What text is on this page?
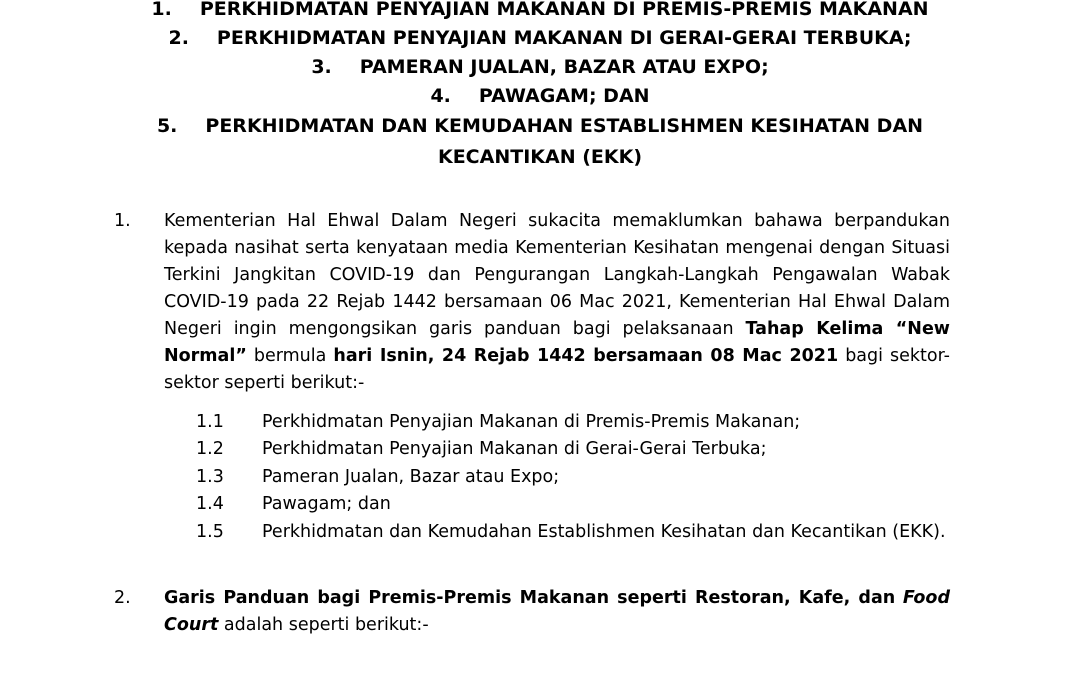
1. PERKHIDMATAN PENYAJIAN MAKANAN DI PREMIS-PREMIS MAKANAN
2. PERKHIDMATAN PENYAJIAN MAKANAN DI GERAI-GERAI TERBUKA;
3. PAMERAN JUALAN, BAZAR ATAU EXPO;
4. PAWAGAM; DAN
5. PERKHIDMATAN DAN KEMUDAHAN ESTABLISHMEN KESIHATAN DAN
KECANTIKAN (EKK)
1. Kementerian Hal Ehwal Dalam Negeri sukacita memaklumkan bahawa berpandukan
kepada nasihat serta kenyataan media Kementerian Kesihatan mengenai dengan Situasi
Terkini Jangkitan COVID-19 dan Pengurangan Langkah-Langkah Pengawalan Wabak
COVID-19 pada 22 Rejab 1442 bersamaan 06 Mac 2021, Kementerian Hal Ehwal Dalam
Negeri ingin mengongsikan garis panduan bagi pelaksanaan Tahap Kelima “New
Normal” bermula hari Isnin, 24 Rejab 1442 bersamaan 08 Mac 2021 bagi sektor-
sektor seperti berikut:-
1.1 Perkhidmatan Penyajian Makanan di Premis-Premis Makanan;
1.2 Perkhidmatan Penyajian Makanan di Gerai-Gerai Terbuka;
1.3 Pameran Jualan, Bazar atau Expo;
1.4 Pawagam; dan
1.5 Perkhidmatan dan Kemudahan Establishmen Kesihatan dan Kecantikan (EKK).
2. Garis Panduan bagi Premis-Premis Makanan seperti Restoran, Kafe, dan Food
Court adalah seperti berikut:-
